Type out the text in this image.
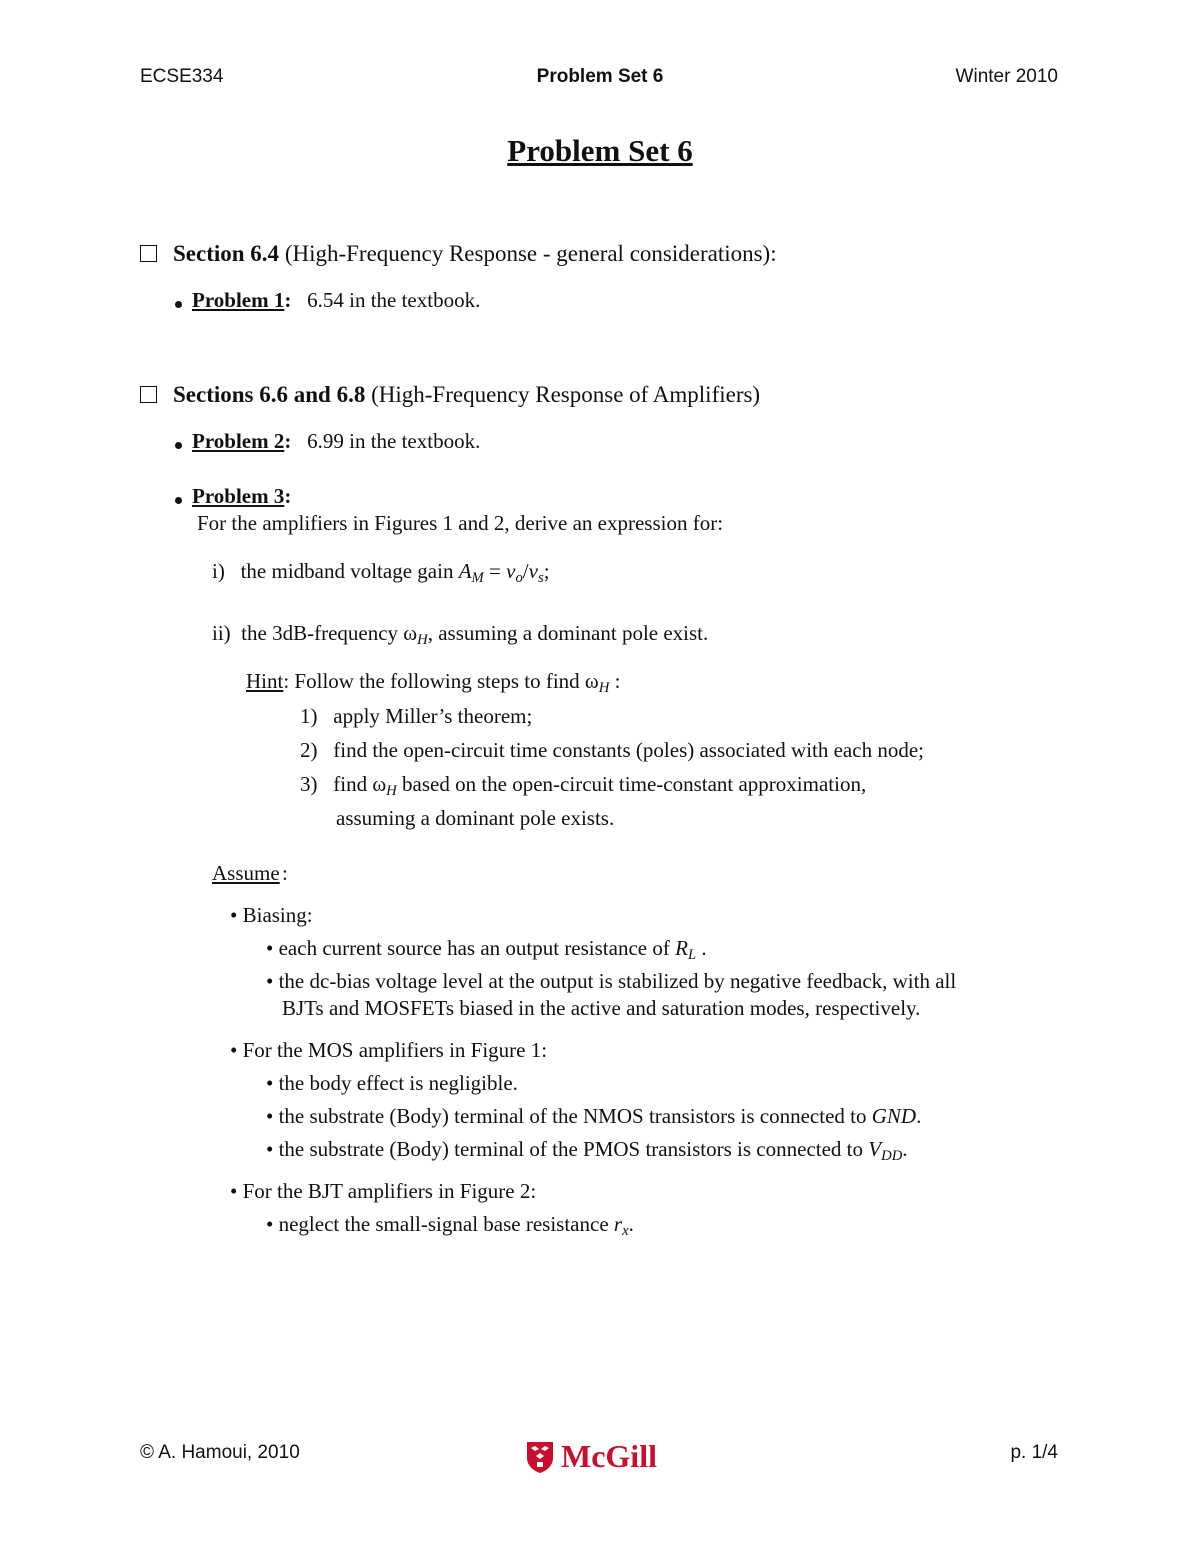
ECSE334	Problem Set 6	Winter 2010
Problem Set 6
Section 6.4 (High-Frequency Response - general considerations):
Problem 1: 6.54 in the textbook.
Sections 6.6 and 6.8 (High-Frequency Response of Amplifiers)
Problem 2: 6.99 in the textbook.
Problem 3:
For the amplifiers in Figures 1 and 2, derive an expression for:
i) the midband voltage gain $A_M = v_o/v_s$;
ii) the 3dB-frequency $\omega_H$, assuming a dominant pole exist.
Hint: Follow the following steps to find $\omega_H$ :
1) apply Miller’s theorem;
2) find the open-circuit time constants (poles) associated with each node;
3) find $\omega_H$ based on the open-circuit time-constant approximation,
assuming a dominant pole exists.
Assume :
• Biasing:
• each current source has an output resistance of $R_L$ .
• the dc-bias voltage level at the output is stabilized by negative feedback, with all
BJTs and MOSFETs biased in the active and saturation modes, respectively.
• For the MOS amplifiers in Figure 1:
• the body effect is negligible.
• the substrate (Body) terminal of the NMOS transistors is connected to GND.
• the substrate (Body) terminal of the PMOS transistors is connected to $V_{DD}$.
• For the BJT amplifiers in Figure 2:
• neglect the small-signal base resistance $r_x$.
© A. Hamoui, 2010	McGill	p. 1/4
